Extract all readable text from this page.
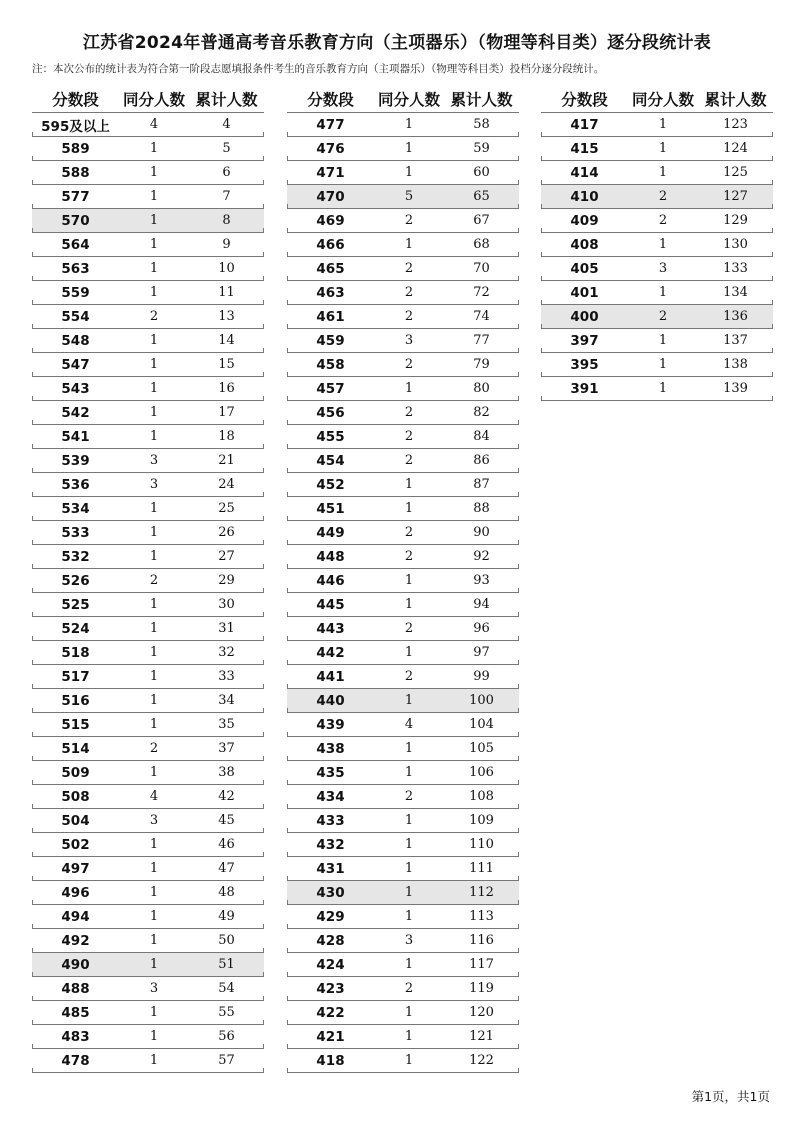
江苏省2024年普通高考音乐教育方向（主项器乐）（物理等科目类）逐分段统计表
注：本次公布的统计表为符合第一阶段志愿填报条件考生的音乐教育方向（主项器乐）（物理等科目类）投档分逐分段统计。
分数段	同分人数 累计人数
595及以上	4	4
589	1	5
588	1	6
577	1	7
570	1	8
564	1	9
563	1	10
559	1	11
554	2	13
548	1	14
547	1	15
543	1	16
542	1	17
541	1	18
539	3	21
536	3	24
534	1	25
533	1	26
532	1	27
526	2	29
525	1	30
524	1	31
518	1	32
517	1	33
516	1	34
515	1	35
514	2	37
509	1	38
508	4	42
504	3	45
502	1	46
497	1	47
496	1	48
494	1	49
492	1	50
490	1	51
488	3	54
485	1	55
483	1	56
478	1	57
分数段	同分人数 累计人数
477	1	58
476	1	59
471	1	60
470	5	65
469	2	67
466	1	68
465	2	70
463	2	72
461	2	74
459	3	77
458	2	79
457	1	80
456	2	82
455	2	84
454	2	86
452	1	87
451	1	88
449	2	90
448	2	92
446	1	93
445	1	94
443	2	96
442	1	97
441	2	99
440	1	100
439	4	104
438	1	105
435	1	106
434	2	108
433	1	109
432	1	110
431	1	111
430	1	112
429	1	113
428	3	116
424	1	117
423	2	119
422	1	120
421	1	121
418	1	122
分数段	同分人数 累计人数
417	1	123
415	1	124
414	1	125
410	2	127
409	2	129
408	1	130
405	3	133
401	1	134
400	2	136
397	1	137
395	1	138
391	1	139
第1页，共1页
